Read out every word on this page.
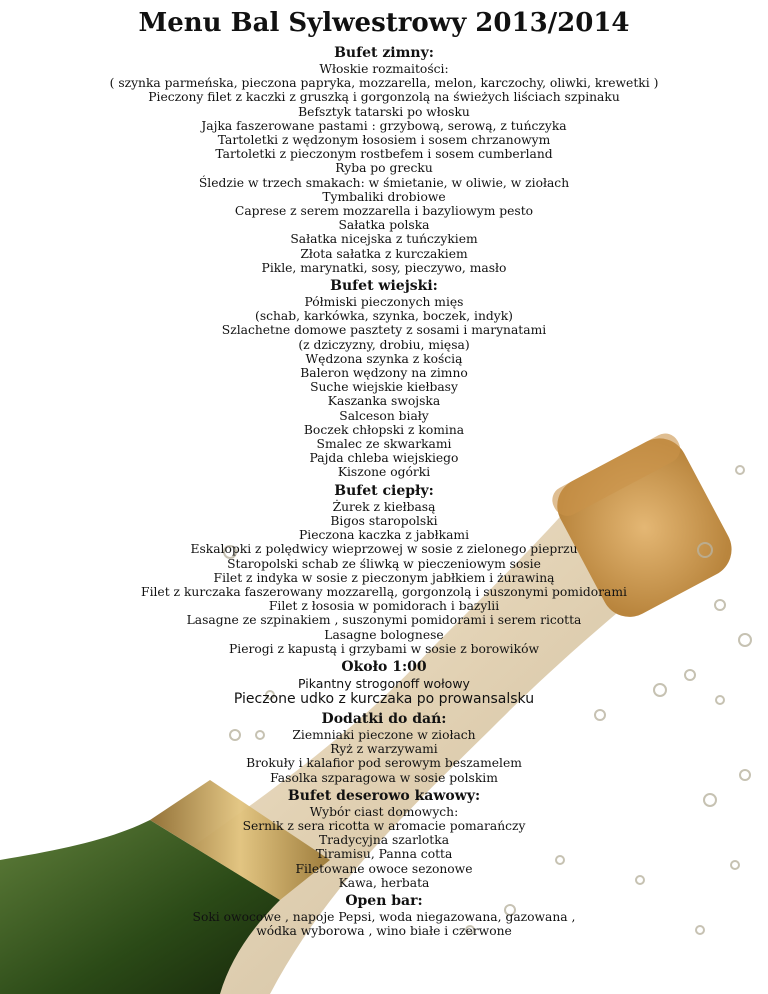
Menu Bal Sylwestrowy 2013/2014
Bufet zimny:
Włoskie rozmaitości:
( szynka parmeńska, pieczona papryka, mozzarella, melon, karczochy, oliwki, krewetki )
Pieczony filet z kaczki z gruszką i gorgonzolą na świeżych liściach szpinaku
Befsztyk tatarski po włosku
Jajka faszerowane pastami : grzybową, serową, z tuńczyka
Tartoletki z wędzonym łososiem i sosem chrzanowym
Tartoletki z pieczonym rostbefem i sosem cumberland
Ryba po grecku
Śledzie w trzech smakach: w śmietanie, w oliwie, w ziołach
Tymbaliki drobiowe
Caprese z serem mozzarella i bazyliowym pesto
Sałatka polska
Sałatka nicejska z tuńczykiem
Złota sałatka z kurczakiem
Pikle, marynatki, sosy, pieczywo, masło
Bufet wiejski:
Półmiski pieczonych mięs
(schab, karkówka, szynka, boczek, indyk)
Szlachetne domowe pasztety z sosami i marynatami
(z dziczyzny, drobiu, mięsa)
Wędzona szynka z kością
Baleron wędzony na zimno
Suche wiejskie kiełbasy
Kaszanka swojska
Salceson biały
Boczek chłopski z komina
Smalec ze skwarkami
Pajda chleba wiejskiego
Kiszone ogórki
Bufet ciepły:
Żurek z kiełbasą
Bigos staropolski
Pieczona kaczka z jabłkami
Eskalopki z polędwicy wieprzowej w sosie z zielonego pieprzu
Staropolski schab ze śliwką w pieczeniowym sosie
Filet z indyka w sosie z pieczonym jabłkiem i żurawiną
Filet z kurczaka faszerowany mozzarellą, gorgonzolą i suszonymi pomidorami
Filet z łososia w pomidorach i bazylii
Lasagne ze szpinakiem , suszonymi pomidorami i serem ricotta
Lasagne bolognese
Pierogi z kapustą i grzybami w sosie z borowików
Około 1:00
Pikantny strogonoff wołowy
Pieczone udko z kurczaka po prowansalsku
Dodatki do dań:
Ziemniaki pieczone w ziołach
Ryż z warzywami
Brokuły i kalafior pod serowym beszamelem
Fasolka szparagowa w sosie polskim
Bufet deserowo kawowy:
Wybór ciast domowych:
Sernik z sera ricotta w aromacie pomarańczy
Tradycyjna szarlotka
Tiramisu, Panna cotta
Filetowane owoce sezonowe
Kawa, herbata
Open bar:
Soki owocowe , napoje Pepsi, woda niegazowana, gazowana ,
wódka wyborowa , wino białe i czerwone
